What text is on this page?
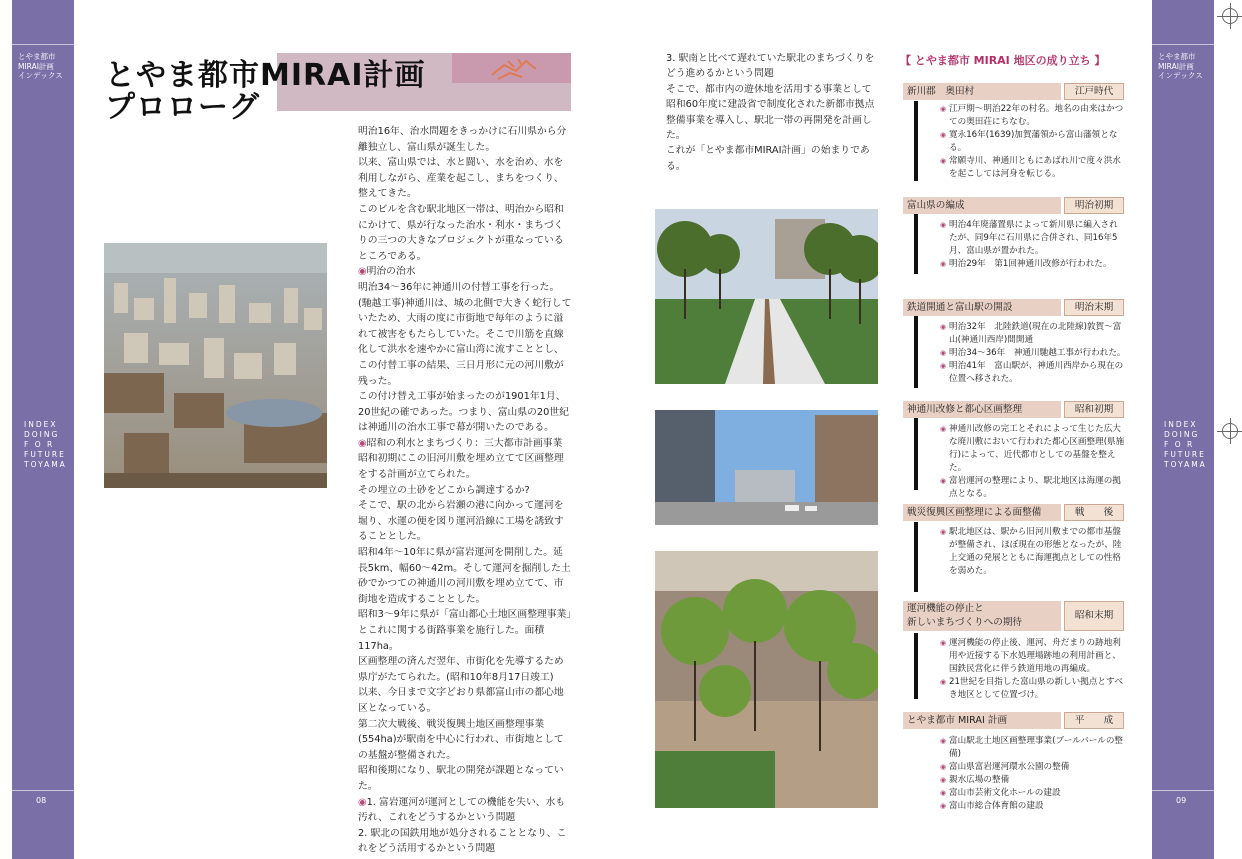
とやま都市
MIRAI計画
インデックス
INDEX
DOING
F O R
FUTURE
TOYAMA
08
とやま都市
MIRAI計画
インデックス
INDEX
DOING
F O R
FUTURE
TOYAMA
09
とやま都市MIRAI計画
プロローグ

明治16年、治水問題をきっかけに石川県から分離独立し、富山県が誕生した。

以来、富山県では、水と闘い、水を治め、水を利用しながら、産業を起こし、まちをつくり、整えてきた。

このビルを含む駅北地区一帯は、明治から昭和にかけて、県が行なった治水・利水・まちづくりの三つの大きなプロジェクトが重なっているところである。

◉明治の治水

明治34〜36年に神通川の付替工事を行った。(馳越工事)神通川は、城の北側で大きく蛇行していたため、大雨の度に市街地で毎年のように溢れて被害をもたらしていた。そこで川筋を直線化して洪水を速やかに富山湾に流すこととし、この付替工事の結果、三日月形に元の河川敷が残った。

この付け替え工事が始まったのが1901年1月、20世紀の確であった。つまり、富山県の20世紀は神通川の治水工事で幕が開いたのである。

◉昭和の利水とまちづくり：三大都市計画事業

昭和初期にこの旧河川敷を埋め立てて区画整理をする計画が立てられた。

その埋立の土砂をどこから調達するか?

そこで、駅の北から岩瀬の港に向かって運河を堀り、水運の便を図り運河沿線に工場を誘致することとした。

昭和4年〜10年に県が富岩運河を開削した。延長5km、幅60〜42m。そして運河を掘削した土砂でかつての神通川の河川敷を埋め立てて、市街地を造成することとした。

昭和3〜9年に県が「富山都心土地区画整理事業」とこれに関する街路事業を施行した。面積117ha。

区画整理の済んだ翌年、市街化を先導するため県庁がたてられた。(昭和10年8月17日竣工)

以来、今日まで文字どおり県都富山市の都心地区となっている。

第二次大戦後、戦災復興土地区画整理事業(554ha)が駅南を中心に行われ、市街地としての基盤が整備された。

昭和後期になり、駅北の開発が課題となっていた。

◉1. 富岩運河が運河としての機能を失い、水も汚れ、これをどうするかという問題

2. 駅北の国鉄用地が処分されることとなり、これをどう活用するかという問題

3. 駅南と比べて遅れていた駅北のまちづくりをどう進めるかという問題

そこで、都市内の遊休地を活用する事業として昭和60年度に建設省で制度化された新都市拠点整備事業を導入し、駅北一帯の再開発を計画した。

これが「とやま都市MIRAI計画」の始まりである。

【 とやま都市 MIRAI 地区の成り立ち 】
新川郡　奥田村	江戸時代
◉ 江戸期〜明治22年の村名。地名の由来はかつての奥田荘にちなむ。
◉ 寛永16年(1639)加賀藩領から富山藩領となる。
◉ 常願寺川、神通川ともにあばれ川で度々洪水を起こしては河身を転じる。
富山県の編成	明治初期
◉ 明治4年廃藩置県によって新川県に編入されたが、同9年に石川県に合併され、同16年5月、富山県が置かれた。
◉ 明治29年　第1回神通川改修が行われた。
鉄道開通と富山駅の開設	明治末期
◉ 明治32年　北陸鉄道(現在の北陸線)敦賀〜富山(神通川西岸)間開通
◉ 明治34〜36年　神通川馳越工事が行われた。
◉ 明治41年　富山駅が、神通川西岸から現在の位置へ移された。
神通川改修と都心区画整理	昭和初期
◉ 神通川改修の完工とそれによって生じた広大な廃川敷において行われた都心区画整理(県施行)によって、近代都市としての基盤を整えた。
◉ 富岩運河の整理により、駅北地区は海運の拠点となる。
戦災復興区画整理による面整備	戦　　後
◉ 駅北地区は、駅から旧河川敷までの都市基盤が整備され、ほぼ現在の形態となったが、陸上交通の発展とともに海運拠点としての性格を弱めた。
運河機能の停止と
新しいまちづくりへの期待
昭和末期
◉ 運河機能の停止後、運河、舟だまりの跡地利用や近接する下水処理場跡地の利用計画と、国鉄民営化に伴う鉄道用地の再編成。
◉ 21世紀を目指した富山県の新しい拠点とすべき地区として位置づけ。
とやま都市 MIRAI 計画	平　　成
◉ 富山駅北土地区画整理事業(ブールバールの整備)
◉ 富山県富岩運河環水公園の整備
◉ 親水広場の整備
◉ 富山市芸術文化ホールの建設
◉ 富山市総合体育館の建設
